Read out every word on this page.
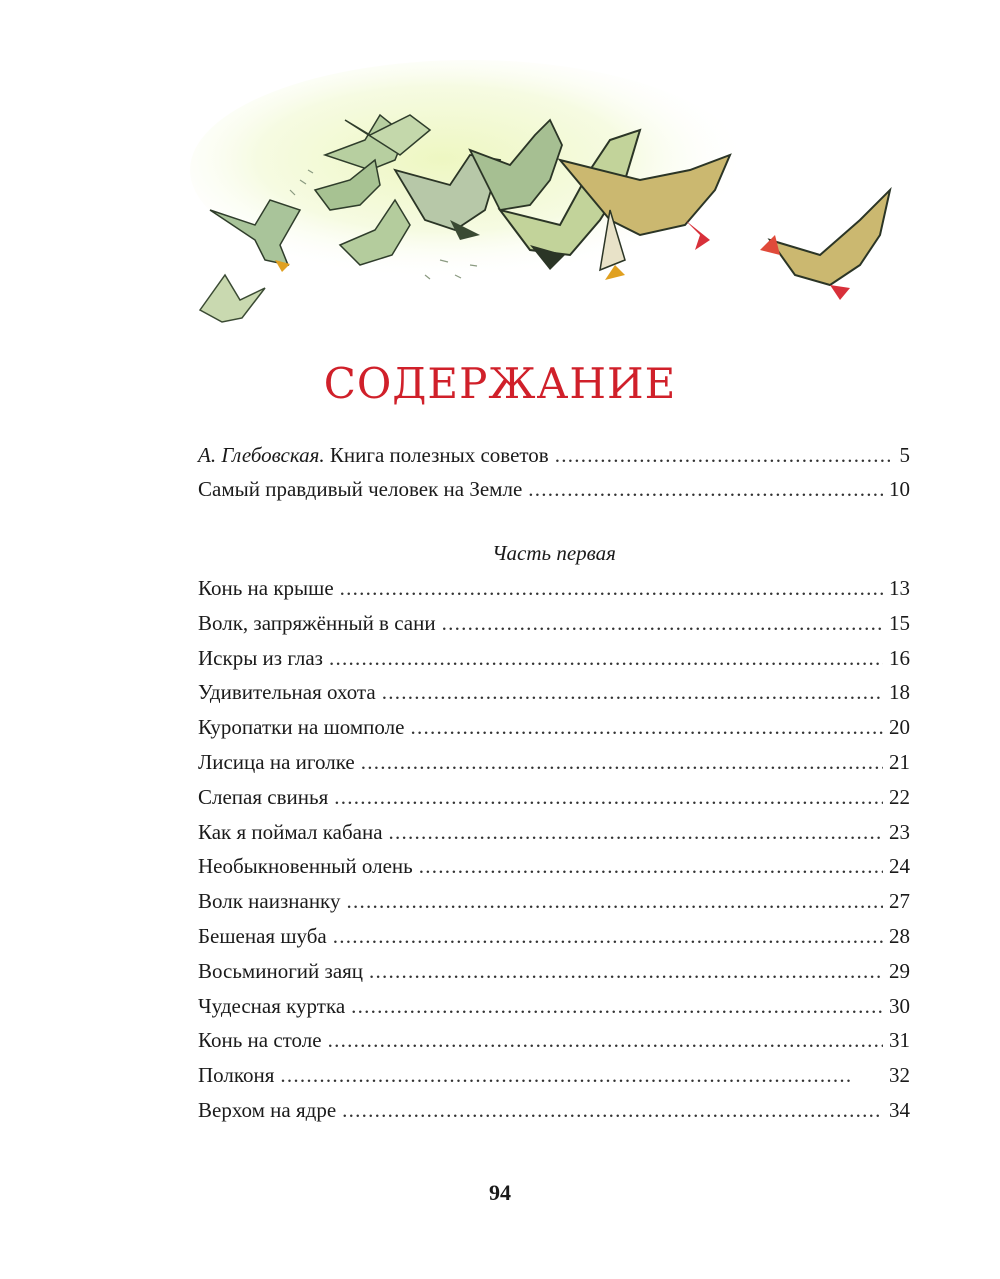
СОДЕРЖАНИЕ
А. Глебовская. Книга полезных советов . . .	5
Самый правдивый человек на Земле . . .	10
Часть первая
Конь на крыше . . .	13
Волк, запряжённый в сани . . .	15
Искры из глаз . . .	16
Удивительная охота . . .	18
Куропатки на шомполе . . .	20
Лисица на иголке . . .	21
Слепая свинья . . .	22
Как я поймал кабана . . .	23
Необыкновенный олень . . .	24
Волк наизнанку . . .	27
Бешеная шуба . . .	28
Восьминогий заяц . . .	29
Чудесная куртка . . .	30
Конь на столе . . .	31
Полконя . . .	32
Верхом на ядре . . .	34
94
